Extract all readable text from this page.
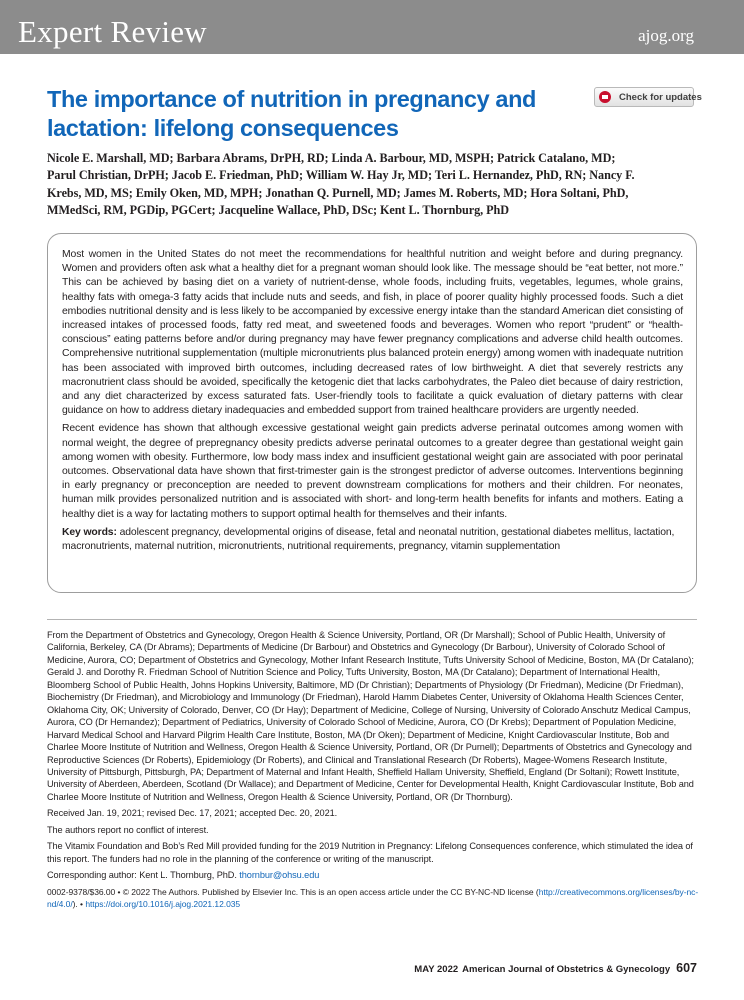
Expert Review	ajog.org
The importance of nutrition in pregnancy and lactation: lifelong consequences
Check for updates

Nicole E. Marshall, MD; Barbara Abrams, DrPH, RD; Linda A. Barbour, MD, MSPH; Patrick Catalano, MD; Parul Christian, DrPH; Jacob E. Friedman, PhD; William W. Hay Jr, MD; Teri L. Hernandez, PhD, RN; Nancy F. Krebs, MD, MS; Emily Oken, MD, MPH; Jonathan Q. Purnell, MD; James M. Roberts, MD; Hora Soltani, PhD, MMedSci, RM, PGDip, PGCert; Jacqueline Wallace, PhD, DSc; Kent L. Thornburg, PhD

Most women in the United States do not meet the recommendations for healthful nutrition and weight before and during pregnancy. Women and providers often ask what a healthy diet for a pregnant woman should look like. The message should be “eat better, not more.” This can be achieved by basing diet on a variety of nutrient-dense, whole foods, including fruits, vegetables, legumes, whole grains, healthy fats with omega-3 fatty acids that include nuts and seeds, and fish, in place of poorer quality highly processed foods. Such a diet embodies nutritional density and is less likely to be accompanied by excessive energy intake than the standard American diet consisting of increased intakes of processed foods, fatty red meat, and sweetened foods and beverages. Women who report “prudent” or “health-conscious” eating patterns before and/or during pregnancy may have fewer pregnancy complications and adverse child health outcomes. Comprehensive nutritional supplementation (multiple micronutrients plus balanced protein energy) among women with inadequate nutrition has been associated with improved birth outcomes, including decreased rates of low birthweight. A diet that severely restricts any macronutrient class should be avoided, specifically the ketogenic diet that lacks carbohydrates, the Paleo diet because of dairy restriction, and any diet characterized by excess saturated fats. User-friendly tools to facilitate a quick evaluation of dietary patterns with clear guidance on how to address dietary inadequacies and embedded support from trained healthcare providers are urgently needed.

Recent evidence has shown that although excessive gestational weight gain predicts adverse perinatal outcomes among women with normal weight, the degree of prepregnancy obesity predicts adverse perinatal outcomes to a greater degree than gestational weight gain among women with obesity. Furthermore, low body mass index and insufficient gestational weight gain are associated with poor perinatal outcomes. Observational data have shown that first-trimester gain is the strongest predictor of adverse outcomes. Interventions beginning in early pregnancy or preconception are needed to prevent downstream complications for mothers and their children. For neonates, human milk provides personalized nutrition and is associated with short- and long-term health benefits for infants and mothers. Eating a healthy diet is a way for lactating mothers to support optimal health for themselves and their infants.

Key words: adolescent pregnancy, developmental origins of disease, fetal and neonatal nutrition, gestational diabetes mellitus, lactation, macronutrients, maternal nutrition, micronutrients, nutritional requirements, pregnancy, vitamin supplementation

From the Department of Obstetrics and Gynecology, Oregon Health & Science University, Portland, OR (Dr Marshall); School of Public Health, University of California, Berkeley, CA (Dr Abrams); Departments of Medicine (Dr Barbour) and Obstetrics and Gynecology (Dr Barbour), University of Colorado School of Medicine, Aurora, CO; Department of Obstetrics and Gynecology, Mother Infant Research Institute, Tufts University School of Medicine, Boston, MA (Dr Catalano); Gerald J. and Dorothy R. Friedman School of Nutrition Science and Policy, Tufts University, Boston, MA (Dr Catalano); Department of International Health, Bloomberg School of Public Health, Johns Hopkins University, Baltimore, MD (Dr Christian); Departments of Physiology (Dr Friedman), Medicine (Dr Friedman), Biochemistry (Dr Friedman), and Microbiology and Immunology (Dr Friedman), Harold Hamm Diabetes Center, University of Oklahoma Health Sciences Center, Oklahoma City, OK; University of Colorado, Denver, CO (Dr Hay); Department of Medicine, College of Nursing, University of Colorado Anschutz Medical Campus, Aurora, CO (Dr Hernandez); Department of Pediatrics, University of Colorado School of Medicine, Aurora, CO (Dr Krebs); Department of Population Medicine, Harvard Medical School and Harvard Pilgrim Health Care Institute, Boston, MA (Dr Oken); Department of Medicine, Knight Cardiovascular Institute, Bob and Charlee Moore Institute of Nutrition and Wellness, Oregon Health & Science University, Portland, OR (Dr Purnell); Departments of Obstetrics and Gynecology and Reproductive Sciences (Dr Roberts), Epidemiology (Dr Roberts), and Clinical and Translational Research (Dr Roberts), Magee-Womens Research Institute, University of Pittsburgh, Pittsburgh, PA; Department of Maternal and Infant Health, Sheffield Hallam University, Sheffield, England (Dr Soltani); Rowett Institute, University of Aberdeen, Aberdeen, Scotland (Dr Wallace); and Department of Medicine, Center for Developmental Health, Knight Cardiovascular Institute, Bob and Charlee Moore Institute of Nutrition and Wellness, Oregon Health & Science University, Portland, OR (Dr Thornburg).

Received Jan. 19, 2021; revised Dec. 17, 2021; accepted Dec. 20, 2021.

The authors report no conflict of interest.

The Vitamix Foundation and Bob’s Red Mill provided funding for the 2019 Nutrition in Pregnancy: Lifelong Consequences conference, which stimulated the idea of this report. The funders had no role in the planning of the conference or writing of the manuscript.

Corresponding author: Kent L. Thornburg, PhD. thornbur@ohsu.edu

0002-9378/$36.00 • © 2022 The Authors. Published by Elsevier Inc. This is an open access article under the CC BY-NC-ND license (http://creativecommons.org/licenses/by-nc-nd/4.0/). • https://doi.org/10.1016/j.ajog.2021.12.035

MAY 2022 American Journal of Obstetrics & Gynecology 607
